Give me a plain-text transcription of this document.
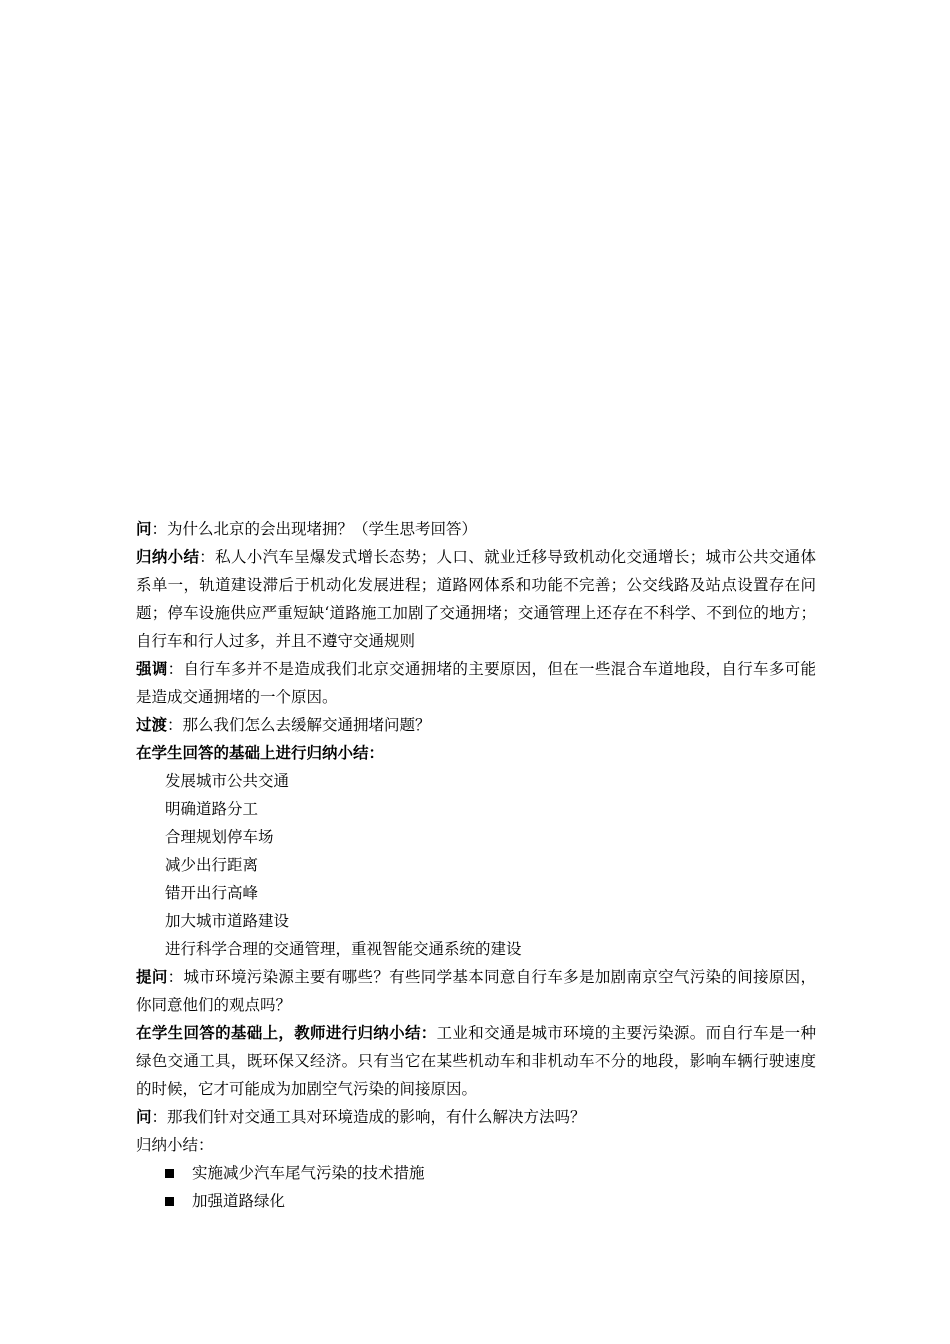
问：为什么北京的会出现堵拥？（学生思考回答）

归纳小结：私人小汽车呈爆发式增长态势；人口、就业迁移导致机动化交通增长；城市公共交通体系单一，轨道建设滞后于机动化发展进程；道路网体系和功能不完善；公交线路及站点设置存在问题；停车设施供应严重短缺‘道路施工加剧了交通拥堵；交通管理上还存在不科学、不到位的地方；自行车和行人过多，并且不遵守交通规则

强调：自行车多并不是造成我们北京交通拥堵的主要原因，但在一些混合车道地段，自行车多可能是造成交通拥堵的一个原因。

过渡：那么我们怎么去缓解交通拥堵问题？

在学生回答的基础上进行归纳小结：

发展城市公共交通

明确道路分工

合理规划停车场

减少出行距离

错开出行高峰

加大城市道路建设

进行科学合理的交通管理，重视智能交通系统的建设

提问：城市环境污染源主要有哪些？有些同学基本同意自行车多是加剧南京空气污染的间接原因，你同意他们的观点吗？

在学生回答的基础上，教师进行归纳小结：工业和交通是城市环境的主要污染源。而自行车是一种绿色交通工具，既环保又经济。只有当它在某些机动车和非机动车不分的地段，影响车辆行驶速度的时候，它才可能成为加剧空气污染的间接原因。

问：那我们针对交通工具对环境造成的影响，有什么解决方法吗？

归纳小结：

实施减少汽车尾气污染的技术措施

加强道路绿化
